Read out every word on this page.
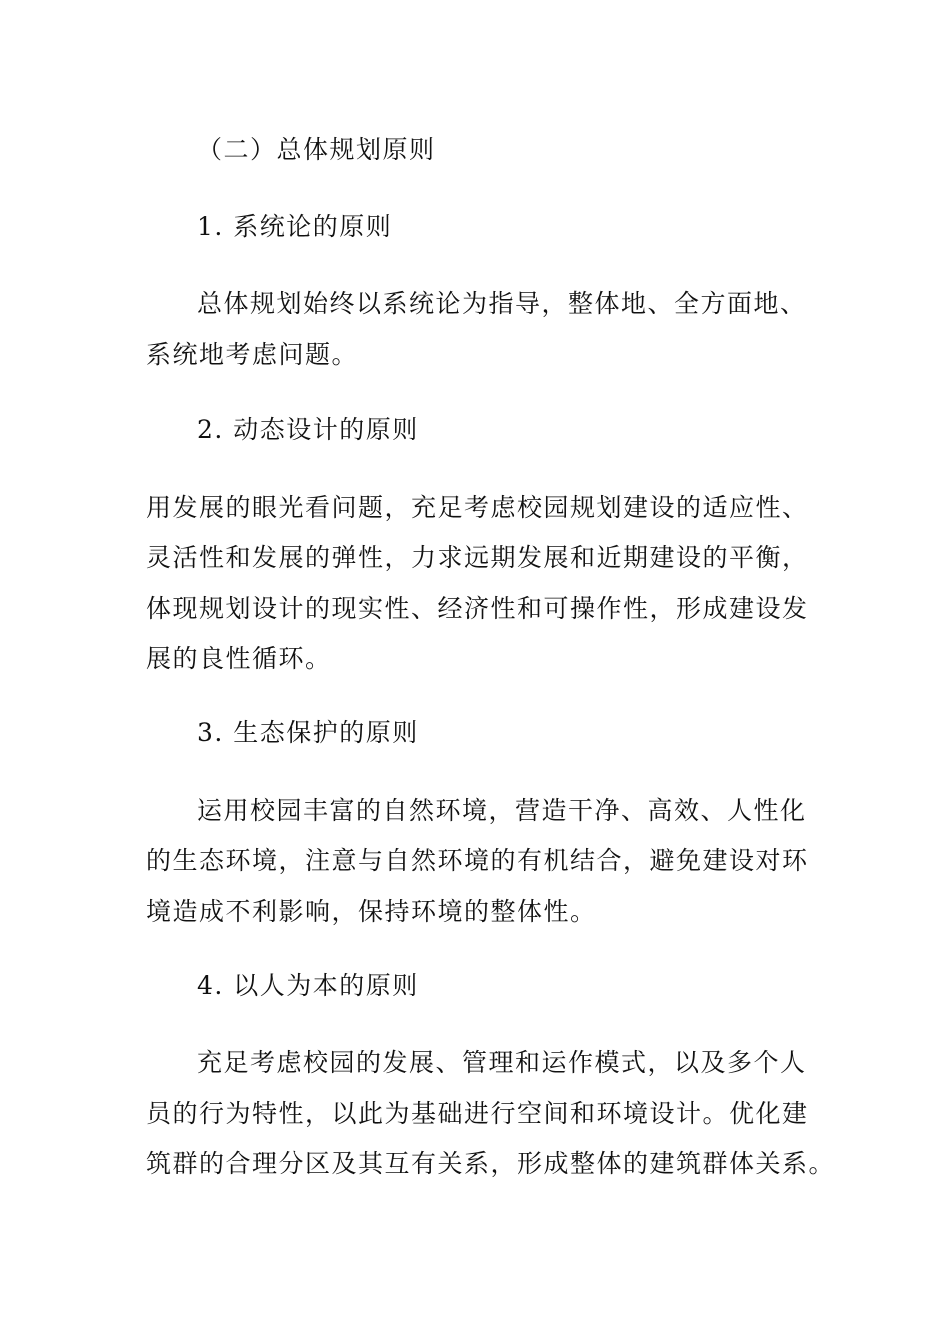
（二）总体规划原则
1. 系统论的原则
总体规划始终以系统论为指导，整体地、全方面地、
系统地考虑问题。
2. 动态设计的原则
用发展的眼光看问题，充足考虑校园规划建设的适应性、
灵活性和发展的弹性，力求远期发展和近期建设的平衡，
体现规划设计的现实性、经济性和可操作性，形成建设发
展的良性循环。
3. 生态保护的原则
运用校园丰富的自然环境，营造干净、高效、人性化
的生态环境，注意与自然环境的有机结合，避免建设对环
境造成不利影响，保持环境的整体性。
4. 以人为本的原则
充足考虑校园的发展、管理和运作模式，以及多个人
员的行为特性，以此为基础进行空间和环境设计。优化建
筑群的合理分区及其互有关系，形成整体的建筑群体关系。
